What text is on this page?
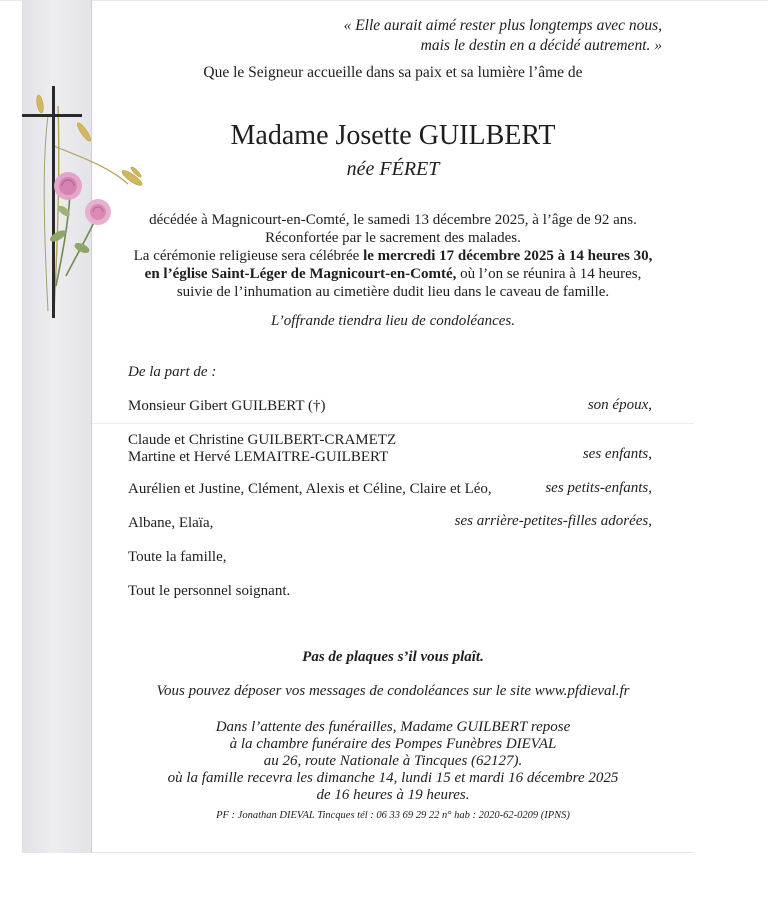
« Elle aurait aimé rester plus longtemps avec nous,
mais le destin en a décidé autrement. »
Que le Seigneur accueille dans sa paix et sa lumière l’âme de
Madame Josette GUILBERT
née FÉRET
décédée à Magnicourt-en-Comté, le samedi 13 décembre 2025, à l’âge de 92 ans.
Réconfortée par le sacrement des malades.
La cérémonie religieuse sera célébrée le mercredi 17 décembre 2025 à 14 heures 30,
en l’église Saint-Léger de Magnicourt-en-Comté, où l’on se réunira à 14 heures,
suivie de l’inhumation au cimetière dudit lieu dans le caveau de famille.
L’offrande tiendra lieu de condoléances.
De la part de :
Monsieur Gibert GUILBERT (†)	son époux,
Claude et Christine GUILBERT-CRAMETZ
Martine et Hervé LEMAITRE-GUILBERT	ses enfants,
Aurélien et Justine, Clément, Alexis et Céline, Claire et Léo,	ses petits-enfants,
Albane, Elaïa,	ses arrière-petites-filles adorées,
Toute la famille,
Tout le personnel soignant.
Pas de plaques s’il vous plaît.
Vous pouvez déposer vos messages de condoléances sur le site www.pfdieval.fr
Dans l’attente des funérailles, Madame GUILBERT repose
à la chambre funéraire des Pompes Funèbres DIEVAL
au 26, route Nationale à Tincques (62127).
où la famille recevra les dimanche 14, lundi 15 et mardi 16 décembre 2025
de 16 heures à 19 heures.
PF : Jonathan DIEVAL Tincques tél : 06 33 69 29 22 n° hab : 2020-62-0209 (IPNS)
